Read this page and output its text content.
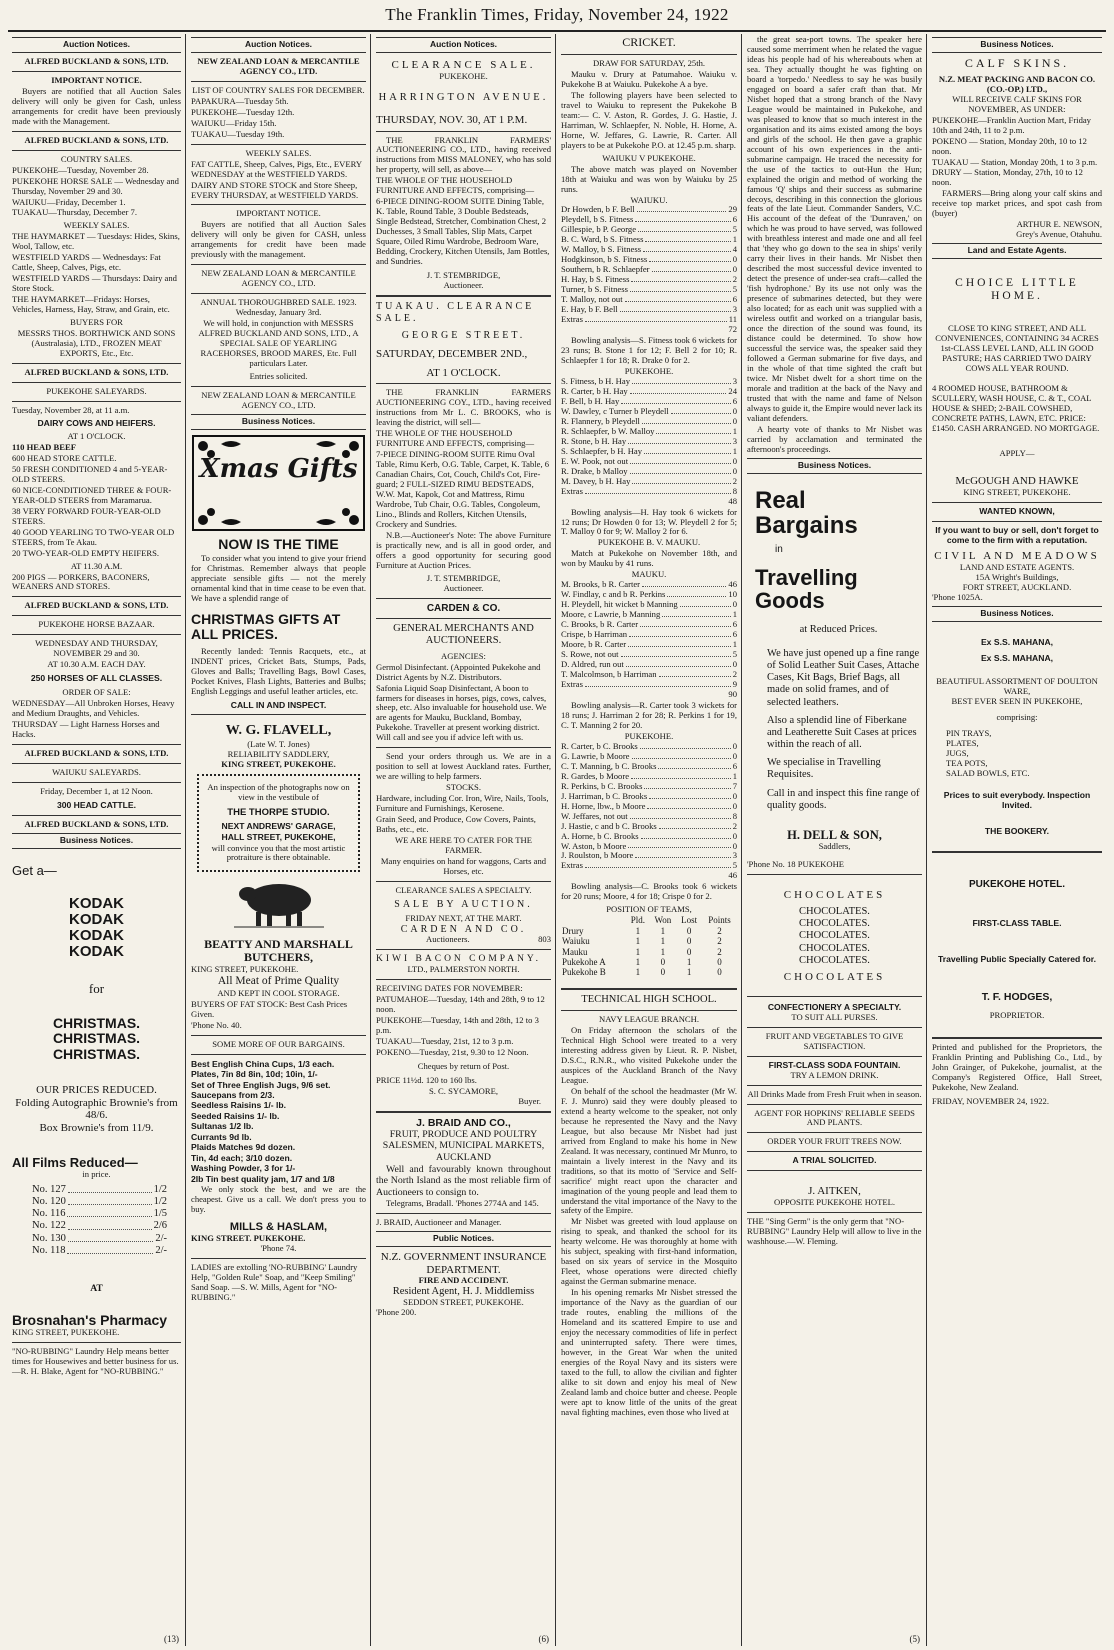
The Franklin Times, Friday, November 24, 1922
Auction Notices.
ALFRED BUCKLAND & SONS, LTD.
IMPORTANT NOTICE.

Buyers are notified that all Auction Sales delivery will only be given for Cash, unless arrangements for credit have been previously made with the Management.

ALFRED BUCKLAND & SONS, LTD.
COUNTRY SALES.

PUKEKOHE—Tuesday, November 28.

PUKEKOHE HORSE SALE — Wednesday and Thursday, November 29 and 30.

WAIUKU—Friday, December 1.

TUAKAU—Thursday, December 7.

WEEKLY SALES.

THE HAYMARKET — Tuesdays: Hides, Skins, Wool, Tallow, etc.

WESTFIELD YARDS — Wednesdays: Fat Cattle, Sheep, Calves, Pigs, etc.

WESTFIELD YARDS — Thursdays: Dairy and Store Stock.

THE HAYMARKET—Fridays: Horses, Vehicles, Harness, Hay, Straw, and Grain, etc.

BUYERS FOR

MESSRS THOS. BORTHWICK AND SONS (Australasia), LTD., FROZEN MEAT EXPORTS, Etc., Etc.

ALFRED BUCKLAND & SONS, LTD.
PUKEKOHE SALEYARDS.

Tuesday, November 28, at 11 a.m.

DAIRY COWS AND HEIFERS.
AT 1 O'CLOCK.

110 HEAD BEEF

600 HEAD STORE CATTLE.

50 FRESH CONDITIONED 4 and 5-YEAR-OLD STEERS.

60 NICE-CONDITIONED THREE & FOUR-YEAR-OLD STEERS from Maramarua.

38 VERY FORWARD FOUR-YEAR-OLD STEERS.

40 GOOD YEARLING TO TWO-YEAR OLD STEERS, from Te Akau.

20 TWO-YEAR-OLD EMPTY HEIFERS.

AT 11.30 A.M.

200 PIGS — PORKERS, BACONERS, WEANERS AND STORES.

ALFRED BUCKLAND & SONS, LTD.
PUKEKOHE HORSE BAZAAR.

WEDNESDAY AND THURSDAY, NOVEMBER 29 and 30.

AT 10.30 A.M. EACH DAY.

250 HORSES OF ALL CLASSES.

ORDER OF SALE:

WEDNESDAY—All Unbroken Horses, Heavy and Medium Draughts, and Vehicles.

THURSDAY — Light Harness Horses and Hacks.

ALFRED BUCKLAND & SONS, LTD.
WAIUKU SALEYARDS.

Friday, December 1, at 12 Noon.

300 HEAD CATTLE.

ALFRED BUCKLAND & SONS, LTD.
Business Notices.
Get a—
KODAK
KODAK
KODAK
KODAK
for
CHRISTMAS.
CHRISTMAS.
CHRISTMAS.
OUR PRICES REDUCED.
Folding Autographic Brownie's from 48/6.
Box Brownie's from 11/9.
All Films Reduced—
in price.
No. 127	1/2
No. 120	1/2
No. 116	1/5
No. 122	2/6
No. 130	2/-
No. 118	2/-
AT
Brosnahan's Pharmacy
KING STREET, PUKEKOHE.

"NO-RUBBING" Laundry Help means better times for Housewives and better business for us.—R. H. Blake, Agent for "NO-RUBBING."

(13)
Auction Notices.
NEW ZEALAND LOAN & MERCANTILE AGENCY CO., LTD.
LIST OF COUNTRY SALES FOR DECEMBER.

PAPAKURA—Tuesday 5th.

PUKEKOHE—Tuesday 12th.

WAIUKU—Friday 15th.

TUAKAU—Tuesday 19th.

WEEKLY SALES.

FAT CATTLE, Sheep, Calves, Pigs, Etc., EVERY WEDNESDAY at the WESTFIELD YARDS.

DAIRY AND STORE STOCK and Store Sheep, EVERY THURSDAY, at WESTFIELD YARDS.

IMPORTANT NOTICE.

Buyers are notified that all Auction Sales delivery will only be given for CASH, unless arrangements for credit have been made previously with the management.

NEW ZEALAND LOAN & MERCANTILE AGENCY CO., LTD.
ANNUAL THOROUGHBRED SALE. 1923.
Wednesday, January 3rd.

We will hold, in conjunction with MESSRS ALFRED BUCKLAND AND SONS, LTD., A SPECIAL SALE OF YEARLING RACEHORSES, BROOD MARES, Etc. Full particulars Later.

Entries solicited.
NEW ZEALAND LOAN & MERCANTILE AGENCY CO., LTD.
Business Notices.
Xmas Gifts
NOW IS THE TIME

To consider what you intend to give your friend for Christmas. Remember always that people appreciate sensible gifts — not the merely ornamental kind that in time cease to be even that. We have a splendid range of

CHRISTMAS GIFTS AT ALL PRICES.

Recently landed: Tennis Racquets, etc., at INDENT prices, Cricket Bats, Stumps, Pads, Gloves and Balls; Travelling Bags, Bowl Cases, Pocket Knives, Flash Lights, Batteries and Bulbs; English Leggings and useful leather articles, etc.

CALL IN AND INSPECT.
W. G. FLAVELL,
(Late W. T. Jones)
RELIABILITY SADDLERY,
KING STREET, PUKEKOHE.

An inspection of the photographs now on view in the vestibule of

THE THORPE STUDIO.

NEXT ANDREWS' GARAGE,

HALL STREET, PUKEKOHE,

will convince you that the most artistic protraiture is there obtainable.

BEATTY AND MARSHALL
BUTCHERS,
KING STREET, PUKEKOHE.
All Meat of Prime Quality
AND KEPT IN COOL STORAGE.

BUYERS OF FAT STOCK: Best Cash Prices Given.

'Phone No. 40.

SOME MORE OF OUR BARGAINS.
Best English China Cups, 1/3 each.
Plates, 7in 8d 8in, 10d; 10in, 1/-
Set of Three English Jugs, 9/6 set.
Saucepans from 2/3.
Seedless Raisins 1/- lb.
Seeded Raisins 1/- lb.
Sultanas 1/2 lb.
Currants 9d lb.
Plaids Matches 9d dozen.
Tin, 4d each; 3/10 dozen.
Washing Powder, 3 for 1/-
2lb Tin best quality jam, 1/7 and 1/8

We only stock the best, and we are the cheapest. Give us a call. We don't press you to buy.

MILLS & HASLAM,
KING STREET. PUKEKOHE.
'Phone 74.

LADIES are extolling 'NO-RUBBING' Laundry Help, "Golden Rule" Soap, and "Keep Smiling" Sand Soap. —S. W. Mills, Agent for "NO-RUBBING."

Auction Notices.
CLEARANCE SALE.
PUKEKOHE.
HARRINGTON AVENUE.
THURSDAY, NOV. 30, AT 1 P.M.

THE FRANKLIN FARMERS' AUCTIONEERING CO., LTD., having received instructions from MISS MALONEY, who has sold her property, will sell, as above—

THE WHOLE OF THE HOUSEHOLD FURNITURE AND EFFECTS, comprising—

6-PIECE DINING-ROOM SUITE Dining Table, K. Table, Round Table, 3 Double Bedsteads, Single Bedstead, Stretcher, Combination Chest, 2 Duchesses, 3 Small Tables, Slip Mats, Carpet Square, Oiled Rimu Wardrobe, Bedroom Ware, Bedding, Crockery, Kitchen Utensils, Jam Bottles, and Sundries.

J. T. STEMBRIDGE,
Auctioneer.
TUAKAU. CLEARANCE SALE.
GEORGE STREET.
SATURDAY, DECEMBER 2ND.,
AT 1 O'CLOCK.

THE FRANKLIN FARMERS AUCTIONEERING COY., LTD., having received instructions from Mr L. C. BROOKS, who is leaving the district, will sell—

THE WHOLE OF THE HOUSEHOLD FURNITURE AND EFFECTS, comprising—

7-PIECE DINING-ROOM SUITE Rimu Oval Table, Rimu Kerb, O.G. Table, Carpet, K. Table, 6 Canadian Chairs, Cot, Couch, Child's Cot, Fire-guard; 2 FULL-SIZED RIMU BEDSTEADS, W.W. Mat, Kapok, Cot and Mattress, Rimu Wardrobe, Tub Chair, O.G. Tables, Congoleum, Lino., Blinds and Rollers, Kitchen Utensils, Crockery and Sundries.

N.B.—Auctioneer's Note: The above Furniture is practically new, and is all in good order, and offers a good opportunity for securing good Furniture at Auction Prices.

J. T. STEMBRIDGE,
Auctioneer.
CARDEN & CO.
GENERAL MERCHANTS AND AUCTIONEERS.
AGENCIES:

Germol Disinfectant. (Appointed Pukekohe and District Agents by N.Z. Distributors.

Safonia Liquid Soap Disinfectant, A boon to farmers for diseases in horses, pigs, cows, calves, sheep, etc. Also invaluable for household use. We are agents for Mauku, Buckland, Bombay, Pukekohe. Traveller at present working district. Will call and see you if advice left with us.

Send your orders through us. We are in a position to sell at lowest Auckland rates. Further, we are willing to help farmers.

STOCKS.

Hardware, including Cor. Iron, Wire, Nails, Tools, Furniture and Furnishings, Kerosene.

Grain Seed, and Produce, Cow Covers, Paints, Baths, etc., etc.

WE ARE HERE TO CATER FOR THE FARMER.

Many enquiries on hand for waggons, Carts and Horses, etc.

CLEARANCE SALES A SPECIALTY.
SALE BY AUCTION.
FRIDAY NEXT, AT THE MART.
CARDEN AND CO.
Auctioneers.	803
KIWI BACON COMPANY.
LTD., PALMERSTON NORTH.

RECEIVING DATES FOR NOVEMBER:

PATUMAHOE—Tuesday, 14th and 28th, 9 to 12 noon.

PUKEKOHE—Tuesday, 14th and 28th, 12 to 3 p.m.

TUAKAU—Tuesday, 21st, 12 to 3 p.m.

POKENO—Tuesday, 21st, 9.30 to 12 Noon.

Cheques by return of Post.

PRICE 11½d. 120 to 160 lbs.

S. C. SYCAMORE,
Buyer.
J. BRAID AND CO.,
FRUIT, PRODUCE AND POULTRY SALESMEN, MUNICIPAL MARKETS, AUCKLAND

Well and favourably known throughout the North Island as the most reliable firm of Auctioneers to consign to.

Telegrams, Bradall. 'Phones 2774A and 145.

J. BRAID, Auctioneer and Manager.
Public Notices.
N.Z. GOVERNMENT INSURANCE DEPARTMENT.
FIRE AND ACCIDENT.
Resident Agent, H. J. Middlemiss
SEDDON STREET, PUKEKOHE.
'Phone 200.
(6)
CRICKET.
DRAW FOR SATURDAY, 25th.

Mauku v. Drury at Patumahoe. Waiuku v. Pukekohe B at Waiuku. Pukekohe A a bye.

The following players have been selected to travel to Waiuku to represent the Pukekohe B team:— C. V. Aston, R. Gordes, J. G. Hastie, J. Harriman, W. Schlaepfer, N. Noble, H. Horne, A. Horne, W. Jeffares, G. Lawrie, R. Carter. All players to be at Pukekohe P.O. at 12.45 p.m. sharp.

WAIUKU V PUKEKOHE.

The above match was played on November 18th at Waiuku and was won by Waiuku by 25 runs.

WAIUKU.
Dr Howden, b F. Bell	29
Pleydell, b S. Fitness	6
Gillespie, b P. George	5
B. C. Ward, b S. Fitness	1
W. Malloy, b S. Fitness	4
Hodgkinson, b S. Fitness	0
Southern, b R. Schlaepfer	0
H. Hay, b S. Fitness	2
Turner, b S. Fitness	5
T. Malloy, not out	6
E. Hay, b F. Bell	3
Extras	11
72

Bowling analysis—S. Fitness took 6 wickets for 23 runs; B. Stone 1 for 12; F. Bell 2 for 10; R. Schlaepfer 1 for 18; R. Drake 0 for 2.

PUKEKOHE.
S. Fitness, b H. Hay	3
R. Carter, b H. Hay	24
F. Bell, b H. Hay	6
W. Dawley, c Turner b Pleydell	0
R. Flannery, b Pleydell	0
R. Schlaepfer, b W. Malloy	1
R. Stone, b H. Hay	3
S. Schlaepfer, b H. Hay	1
E. W. Pook, not out	0
R. Drake, b Malloy	0
M. Davey, b H. Hay	2
Extras	8
48

Bowling analysis—H. Hay took 6 wickets for 12 runs; Dr Howden 0 for 13; W. Pleydell 2 for 5; T. Malloy 0 for 9; W. Malloy 2 for 6.

PUKEKOHE B. V. MAUKU.

Match at Pukekohe on November 18th, and won by Mauku by 41 runs.

MAUKU.
M. Brooks, b R. Carter	46
W. Findlay, c and b R. Perkins	10
H. Pleydell, hit wicket b Manning	0
Moore, c Lawrie, b Manning	1
C. Brooks, b R. Carter	6
Crispe, b Harriman	6
Moore, b R. Carter	1
S. Rowe, not out	5
D. Aldred, run out	0
T. Malcolmson, b Harriman	2
Extras	9
90

Bowling analysis—R. Carter took 3 wickets for 18 runs; J. Harriman 2 for 28; R. Perkins 1 for 19, C. T. Manning 2 for 20.

PUKEKOHE.
R. Carter, b C. Brooks	0
G. Lawrie, b Moore	0
C. T. Manning, b C. Brooks	6
R. Gardes, b Moore	1
R. Perkins, b C. Brooks	7
J. Harriman, b C. Brooks	0
H. Horne, lbw., b Moore	0
W. Jeffares, not out	8
J. Hastie, c and b C. Brooks	2
A. Horne, b C. Brooks	0
W. Aston, b Moore	0
J. Roulston, b Moore	3
Extras	5
46

Bowling analysis—C. Brooks took 6 wickets for 20 runs; Moore, 4 for 18; Crispe 0 for 2.

POSITION OF TEAMS,
	Pld.	Won	Lost	Points
Drury	1	1	0	2
Waiuku	1	1	0	2
Mauku	1	1	0	2
Pukekohe A	1	0	1	0
Pukekohe B	1	0	1	0
TECHNICAL HIGH SCHOOL.
NAVY LEAGUE BRANCH.

On Friday afternoon the scholars of the Technical High School were treated to a very interesting address given by Lieut. R. P. Nisbet, D.S.C., R.N.R., who visited Pukekohe under the auspices of the Auckland Branch of the Navy League.

On behalf of the school the headmaster (Mr W. F. J. Munro) said they were doubly pleased to extend a hearty welcome to the speaker, not only because he represented the Navy and the Navy League, but also because Mr Nisbet had just arrived from England to make his home in New Zealand. It was necessary, continued Mr Munro, to maintain a lively interest in the Navy and its traditions, so that its motto of 'Service and Self-sacrifice' might react upon the character and imagination of the young people and lead them to understand the vital importance of the Navy to the safety of the Empire.

Mr Nisbet was greeted with loud applause on rising to speak, and thanked the school for its hearty welcome. He was thoroughly at home with his subject, speaking with first-hand information, based on six years of service in the Mosquito Fleet, whose operations were directed chiefly against the German submarine menace.

In his opening remarks Mr Nisbet stressed the importance of the Navy as the guardian of our trade routes, enabling the millions of the Homeland and its scattered Empire to use and enjoy the necessary commodities of life in perfect and uninterrupted safety. There were times, however, in the Great War when the united energies of the Royal Navy and its sisters were taxed to the full, to allow the civilian and fighter alike to sit down and enjoy his meal of New Zealand lamb and choice butter and cheese. People were apt to know little of the units of the great naval fighting machines, even those who lived at

the great sea-port towns. The speaker here caused some merriment when he related the vague ideas his people had of his whereabouts when at sea. They actually thought he was fighting on board a 'torpedo.' Needless to say he was busily engaged on board a safer craft than that. Mr Nisbet hoped that a strong branch of the Navy League would be maintained in Pukekohe, and was pleased to know that so much interest in the organisation and its aims existed among the boys and girls of the school. He then gave a graphic account of his own experiences in the anti-submarine campaign. He traced the necessity for the use of the tactics to out-Hun the Hun; explained the origin and method of working the famous 'Q' ships and their success as submarine decoys, describing in this connection the glorious feats of the late Lieut. Commander Sanders, V.C. His account of the defeat of the 'Dunraven,' on which he was proud to have served, was followed with breathless interest and made one and all feel that 'they who go down to the sea in ships' verily carry their lives in their hands. Mr Nisbet then described the most successful device invented to detect the presence of under-sea craft—called the 'fish hydrophone.' By its use not only was the presence of submarines detected, but they were also located; for as each unit was supplied with a wireless outfit and worked on a triangular basis, once the direction of the sound was found, its distance could be determined. To show how successful the service was, the speaker said they followed a German submarine for five days, and in the whole of that time sighted the craft but twice. Mr Nisbet dwelt for a short time on the morale and tradition at the back of the Navy and trusted that with the name and fame of Nelson always to guide it, the Empire would never lack its valiant defenders.

A hearty vote of thanks to Mr Nisbet was carried by acclamation and terminated the afternoon's proceedings.

Business Notices.
Real
Bargains
in
Travelling
Goods
at Reduced Prices.

We have just opened up a fine range of Solid Leather Suit Cases, Attache Cases, Kit Bags, Brief Bags, all made on solid frames, and of selected leathers.

Also a splendid line of Fiberkane and Leatherette Suit Cases at prices within the reach of all.

We specialise in Travelling Requisites.

Call in and inspect this fine range of quality goods.

H. DELL & SON,
Saddlers,
'Phone No. 18 PUKEKOHE
CHOCOLATES
CHOCOLATES.
CHOCOLATES.
CHOCOLATES.
CHOCOLATES.
CHOCOLATES.
CHOCOLATES
CONFECTIONERY A SPECIALTY.
TO SUIT ALL PURSES.
FRUIT AND VEGETABLES TO GIVE SATISFACTION.
FIRST-CLASS SODA FOUNTAIN.
TRY A LEMON DRINK.
All Drinks Made from Fresh Fruit when in season.
AGENT FOR HOPKINS' RELIABLE SEEDS AND PLANTS.
ORDER YOUR FRUIT TREES NOW.
A TRIAL SOLICITED.
J. AITKEN,
OPPOSITE PUKEKOHE HOTEL.

THE "Sing Germ" is the only germ that "NO-RUBBING" Laundry Help will allow to live in the washhouse.—W. Fleming.

(5)
Business Notices.
CALF SKINS.
N.Z. MEAT PACKING AND BACON CO. (CO.-OP.) LTD.,
WILL RECEIVE CALF SKINS FOR NOVEMBER, AS UNDER:

PUKEKOHE—Franklin Auction Mart, Friday 10th and 24th, 11 to 2 p.m.

POKENO — Station, Monday 20th, 10 to 12 noon.

TUAKAU — Station, Monday 20th, 1 to 3 p.m.

DRURY — Station, Monday, 27th, 10 to 12 noon.

FARMERS—Bring along your calf skins and receive top market prices, and spot cash from (buyer)

ARTHUR E. NEWSON,
Grey's Avenue, Otahuhu.
Land and Estate Agents.
CHOICE LITTLE HOME.

CLOSE TO KING STREET, AND ALL CONVENIENCES, CONTAINING 34 ACRES 1st-CLASS LEVEL LAND, ALL IN GOOD PASTURE; HAS CARRIED TWO DAIRY COWS ALL YEAR ROUND.

4 ROOMED HOUSE, BATHROOM & SCULLERY, WASH HOUSE, C. & T., COAL HOUSE & SHED; 2-BAIL COWSHED, CONCRETE PATHS, LAWN, ETC. PRICE: £1450. CASH ARRANGED. NO MORTGAGE.

APPLY—
McGOUGH AND HAWKE
KING STREET, PUKEKOHE.
WANTED KNOWN,

If you want to buy or sell, don't forget to come to the firm with a reputation.

CIVIL AND MEADOWS
LAND AND ESTATE AGENTS.
15A Wright's Buildings,
FORT STREET, AUCKLAND.
'Phone 1025A.
Business Notices.
Ex S.S. MAHANA,
Ex S.S. MAHANA,
BEAUTIFUL ASSORTMENT OF DOULTON WARE,
BEST EVER SEEN IN PUKEKOHE,
comprising:
PIN TRAYS,
PLATES,
JUGS,
TEA POTS,
SALAD BOWLS, ETC.

Prices to suit everybody. Inspection Invited.

THE BOOKERY.
PUKEKOHE HOTEL.
FIRST-CLASS TABLE.
Travelling Public Specially Catered for.
T. F. HODGES,
PROPRIETOR.

Printed and published for the Proprietors, the Franklin Printing and Publishing Co., Ltd., by John Grainger, of Pukekohe, journalist, at the Company's Registered Office, Hall Street, Pukekohe, New Zealand.

FRIDAY, NOVEMBER 24, 1922.
